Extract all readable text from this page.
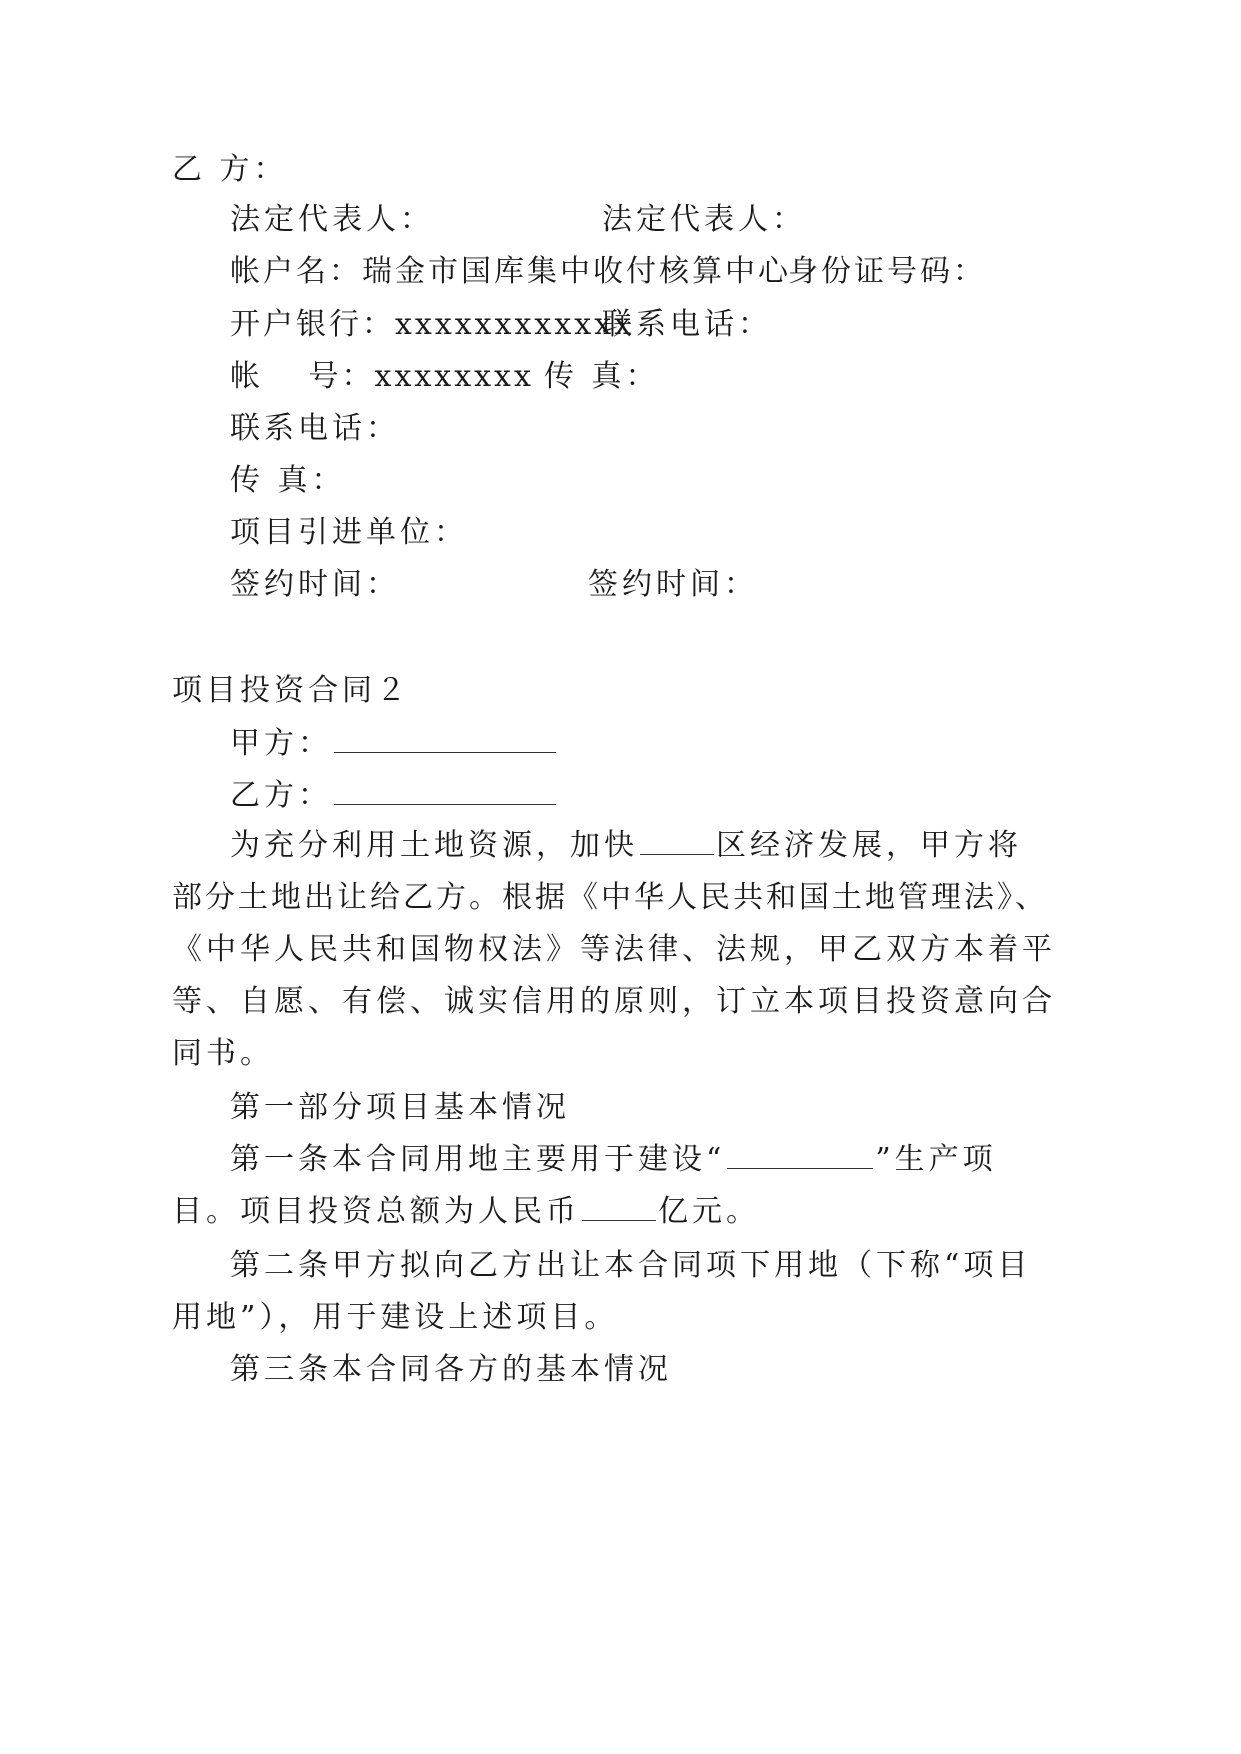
乙 方：
法定代表人：	法定代表人：
帐户名：瑞金市国库集中收付核算中心
身份证号码：
开户银行：xxxxxxxxxxxx
联系电话：
帐　 号：xxxxxxxx 传 真：
联系电话：
传 真：
项目引进单位：
签约时间：	签约时间：
项目投资合同２
甲方：
乙方：
为充分利用土地资源，加快	区经济发展，甲方将
部分土地出让给乙方。根据《中华人民共和国土地管理法》、
《中华人民共和国物权法》等法律、法规，甲乙双方本着平
等、自愿、有偿、诚实信用的原则，订立本项目投资意向合
同书。
第一部分项目基本情况
第一条本合同用地主要用于建设“	”生产项
目。项目投资总额为人民币	亿元。
第二条甲方拟向乙方出让本合同项下用地（下称“项目
用地”），用于建设上述项目。
第三条本合同各方的基本情况
